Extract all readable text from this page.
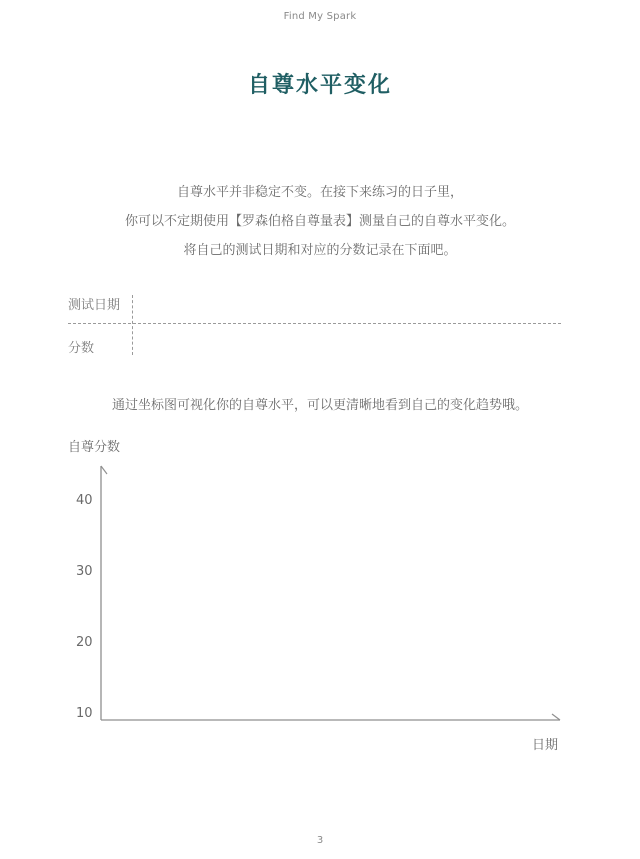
Find My Spark
自尊水平变化
自尊水平并非稳定不变。在接下来练习的日子里，
你可以不定期使用【罗森伯格自尊量表】测量自己的自尊水平变化。
将自己的测试日期和对应的分数记录在下面吧。
测试日期
分数
通过坐标图可视化你的自尊水平，可以更清晰地看到自己的变化趋势哦。
自尊分数
40
30
20
10
日期
3
